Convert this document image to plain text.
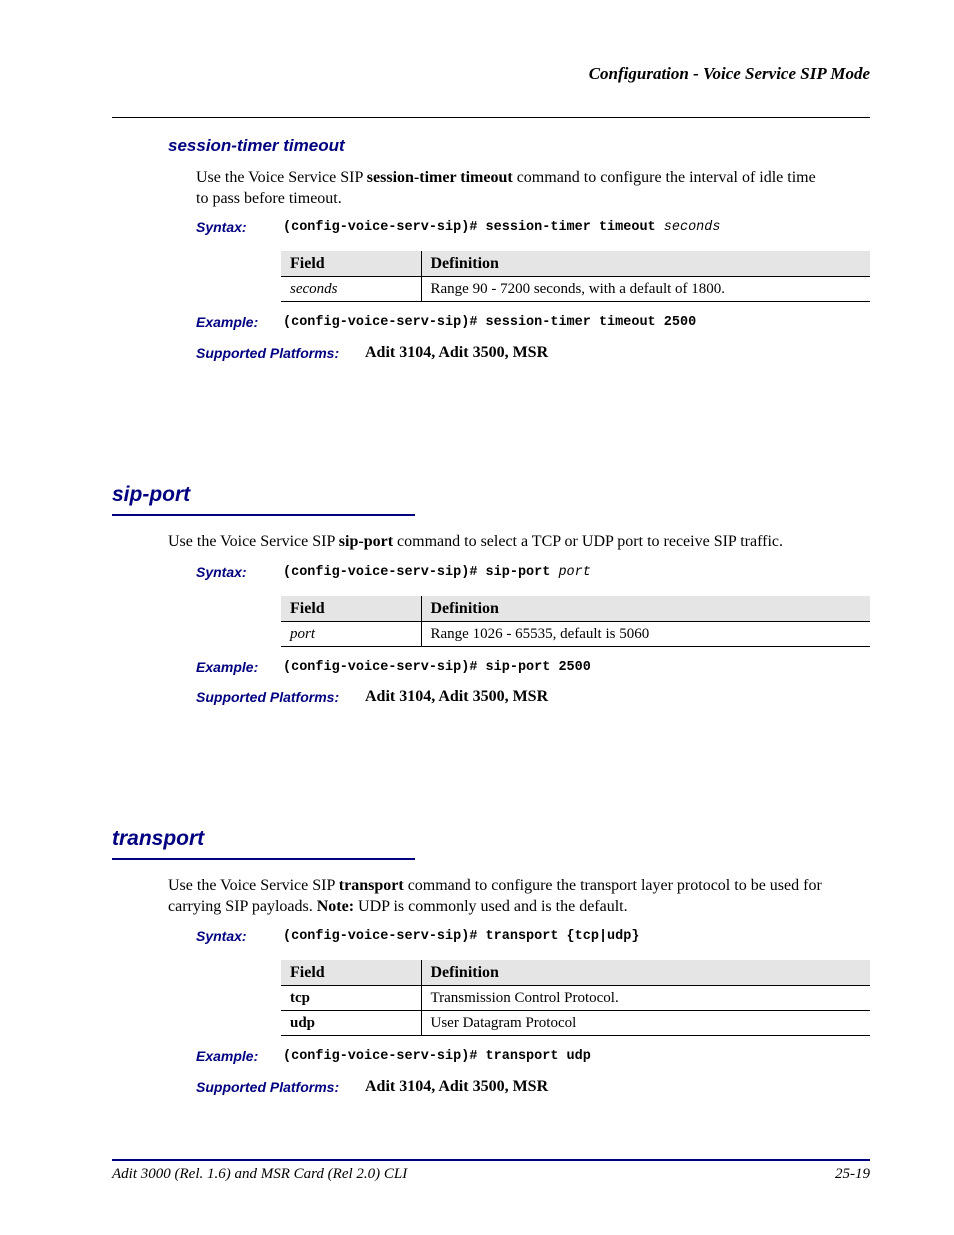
Configuration - Voice Service SIP Mode
session-timer timeout
Use the Voice Service SIP session-timer timeout command to configure the interval of idle time
to pass before timeout.
Syntax:	(config-voice-serv-sip)# session-timer timeout seconds
Field	Definition
seconds	Range 90 - 7200 seconds, with a default of 1800.
Example: (config-voice-serv-sip)# session-timer timeout 2500
Supported Platforms: Adit 3104, Adit 3500, MSR
sip-port
Use the Voice Service SIP sip-port command to select a TCP or UDP port to receive SIP traffic.
Syntax:	(config-voice-serv-sip)# sip-port port
Field	Definition
port	Range 1026 - 65535, default is 5060
Example: (config-voice-serv-sip)# sip-port 2500
Supported Platforms: Adit 3104, Adit 3500, MSR
transport
Use the Voice Service SIP transport command to configure the transport layer protocol to be used for
carrying SIP payloads. Note: UDP is commonly used and is the default.
Syntax:	(config-voice-serv-sip)# transport {tcp|udp}
Field	Definition
tcp	Transmission Control Protocol.
udp	User Datagram Protocol
Example: (config-voice-serv-sip)# transport udp
Supported Platforms: Adit 3104, Adit 3500, MSR
Adit 3000 (Rel. 1.6) and MSR Card (Rel 2.0) CLI	25-19
